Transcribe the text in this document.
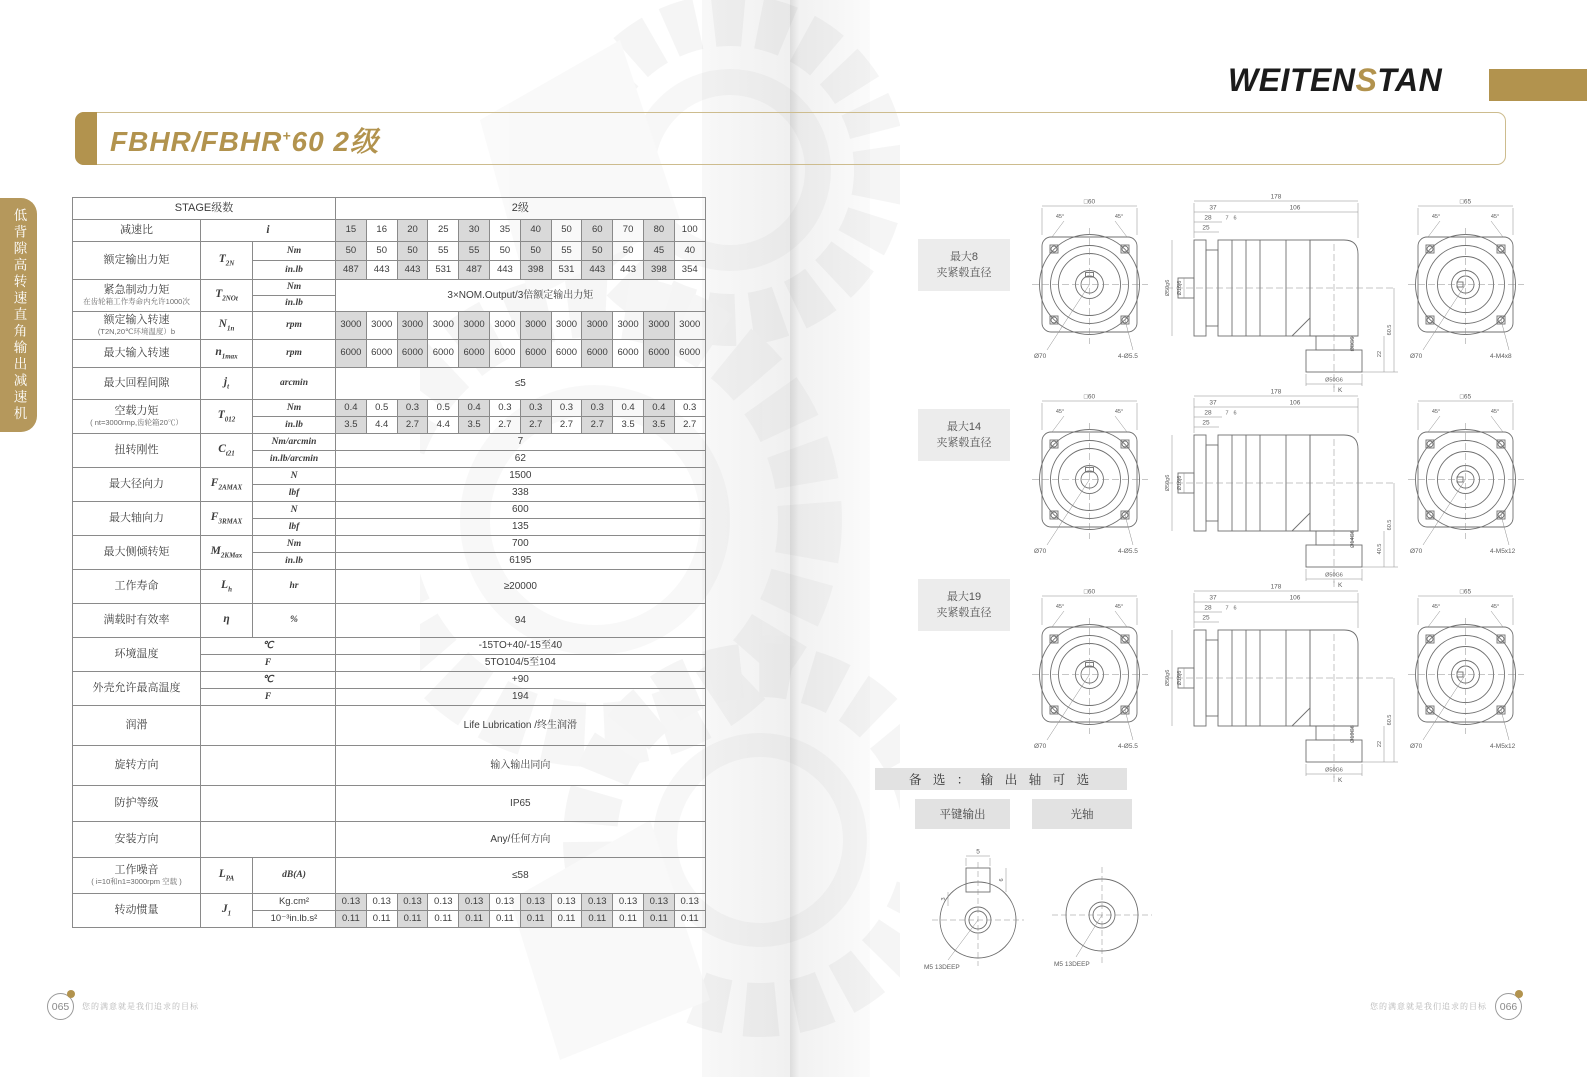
WEITENSTAN
FBHR/FBHR+60 2级
低背隙高转速直角输出减速机	STAGE级数			2级											
减速比	i		15	16	20	25	30	35	40	50	60	70	80	100
额定输出力矩	$T_{2N}$	Nm	50	50	50	55	55	50	50	55	50	50	45	40
		in.lb	487	443	443	531	487	443	398	531	443	443	398	354
紧急制动力矩
在齿轮箱工作寿命内允许1000次	$T_{2NOt}$	Nm	3×NOM.Output/3倍额定输出力矩											
		in.lb												
额定输入转速
(T2N,20℃环境温度）b	$N_{1n}$	rpm	3000	3000	3000	3000	3000	3000	3000	3000	3000	3000	3000	3000
最大输入转速	$n_{1max}$	rpm	6000	6000	6000	6000	6000	6000	6000	6000	6000	6000	6000	6000
最大回程间隙	$j_t$	arcmin	≤5											
空载力矩
( nt=3000rmp,齿轮箱20℃）	$T_{012}$	Nm	0.4	0.5	0.3	0.5	0.4	0.3	0.3	0.3	0.3	0.4	0.4	0.3
		in.lb	3.5	4.4	2.7	4.4	3.5	2.7	2.7	2.7	2.7	3.5	3.5	2.7
扭转刚性	$C_{t21}$	Nm/arcmin	7											
		in.lb/arcmin	62											
最大径向力	$F_{2AMAX}$	N	1500											
		lbf	338											
最大轴向力	$F_{3RMAX}$	N	600											
		lbf	135											
最大侧倾转矩	$M_{2KMax}$	Nm	700											
		in.lb	6195											
工作寿命	$L_h$	hr	≥20000											
满载时有效率	η	%	94											
环境温度	℃		-15TO+40/-15至40											
	F		5TO104/5至104											
外壳允许最高温度	℃		+90											
	F		194											
润滑			Life Lubrication /终生润滑											
旋转方向			输入输出同向											
防护等级			IP65											
安装方向			Any/任何方向											
工作噪音
( i=10和n1=3000rpm 空载 )	$L_{PA}$	dB(A)	≤58											
转动惯量	$J_1$	Kg.cm²	0.13	0.13	0.13	0.13	0.13	0.13	0.13	0.13	0.13	0.13	0.13	0.13
		10⁻³in.lb.s²	0.11	0.11	0.11	0.11	0.11	0.11	0.11	0.11	0.11	0.11	0.11	0.11
最大8
夹紧毂直径
最大14
夹紧毂直径
最大19
夹紧毂直径
□60
45°	45°
Ø70	4-Ø5.5
178
37	106
28	7 6
25
Ø50g6 Ø16j6
60.5
22
Ø8G6
Ø50G6
K
□65
45°	45°
Ø70	4-M4x8
□60
45°	45°
Ø70	4-Ø5.5
178
37	106
28	7 6
25
Ø50g6 Ø16j6
60.5
40.5
Ø14G6
Ø50G6
K
□65
45°	45°
Ø70	4-M5x12
□60
45°	45°
Ø70	4-Ø5.5
178
37	106
28	7 6
25
Ø50g6 Ø16j6
60.5
22
Ø19G6
Ø50G6
K
□65
45°	45°
Ø70	4-M5x12
备 选 ： 输 出 轴 可 选
平键输出	光轴
5
3
6
M5 13DEEP	M5 13DEEP
065	您的满意就是我们追求的目标	您的满意就是我们追求的目标	066
